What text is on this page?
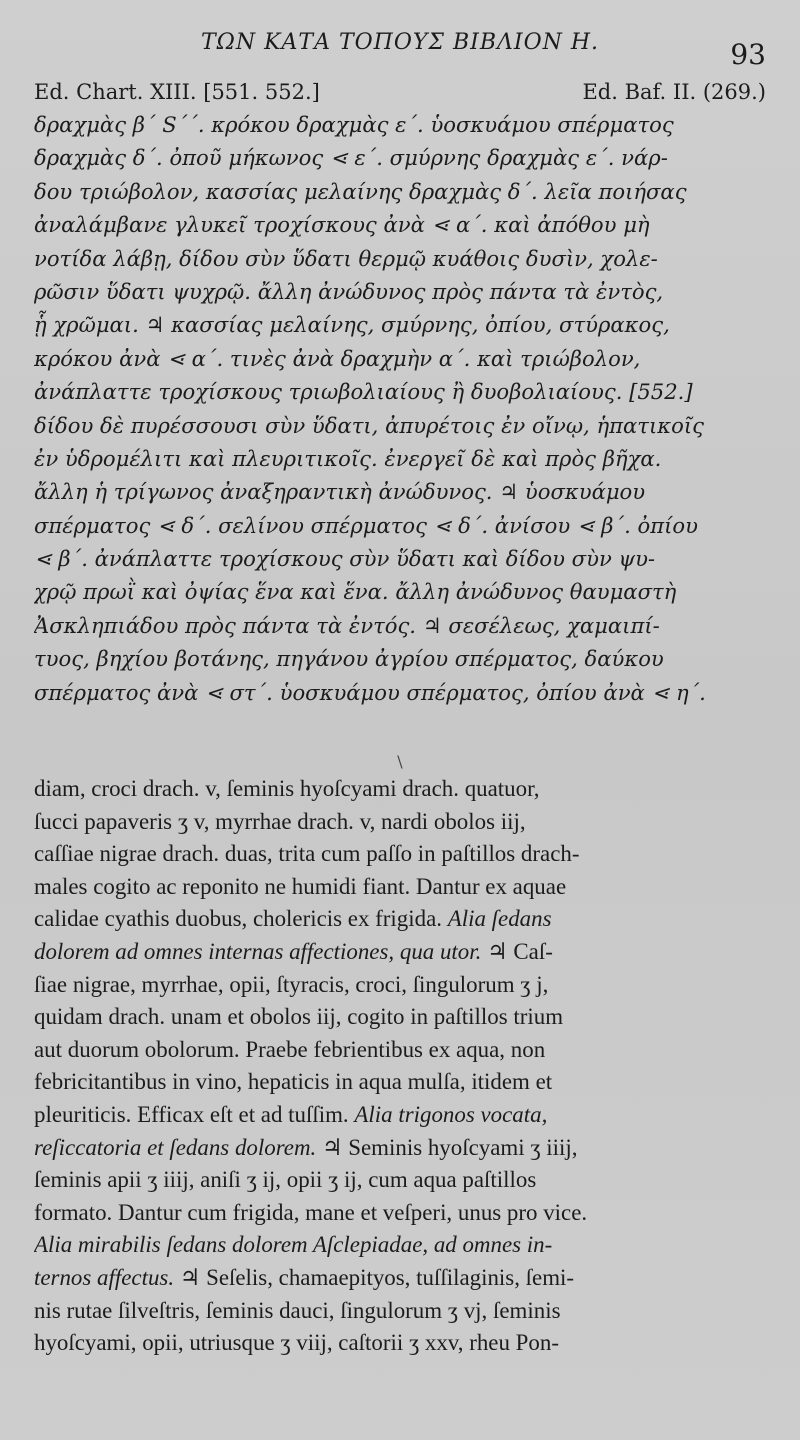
ΤΩΝ ΚΑΤΑ ΤΟΠΟΥΣ ΒΙΒΛΙΟΝ Η.	93
Ed. Chart. XIII. [551. 552.]	Ed. Baf. II. (269.)
δραχμὰς β΄ S΄΄. κρόκου δραχμὰς ε΄. ὑοσκυάμου σπέρματος
δραχμὰς δ΄. ὀποῦ μήκωνος ⋖ ε΄. σμύρνης δραχμὰς ε΄. νάρ-
δου τριώβολον, κασσίας μελαίνης δραχμὰς δ΄. λεῖα ποιήσας
ἀναλάμβανε γλυκεῖ τροχίσκους ἀνὰ ⋖ α΄. καὶ ἀπόθου μὴ
νοτίδα λάβῃ, δίδου σὺν ὕδατι θερμῷ κυάθοις δυσὶν, χολε-
ρῶσιν ὕδατι ψυχρῷ. ἄλλη ἀνώδυνος πρὸς πάντα τὰ ἐντὸς,
ᾗ χρῶμαι. ♃ κασσίας μελαίνης, σμύρνης, ὀπίου, στύρακος,
κρόκου ἀνὰ ⋖ α΄. τινὲς ἀνὰ δραχμὴν α΄. καὶ τριώβολον,
ἀνάπλαττε τροχίσκους τριωβολιαίους ἢ δυοβολιαίους. [552.]
δίδου δὲ πυρέσσουσι σὺν ὕδατι, ἀπυρέτοις ἐν οἴνῳ, ἡπατικοῖς
ἐν ὑδρομέλιτι καὶ πλευριτικοῖς. ἐνεργεῖ δὲ καὶ πρὸς βῆχα.
ἄλλη ἡ τρίγωνος ἀναξηραντικὴ ἀνώδυνος. ♃ ὑοσκυάμου
σπέρματος ⋖ δ΄. σελίνου σπέρματος ⋖ δ΄. ἀνίσου ⋖ β΄. ὀπίου
⋖ β΄. ἀνάπλαττε τροχίσκους σὺν ὕδατι καὶ δίδου σὺν ψυ-
χρῷ πρωῒ καὶ ὀψίας ἕνα καὶ ἕνα. ἄλλη ἀνώδυνος θαυμαστὴ
Ἀσκληπιάδου πρὸς πάντα τὰ ἐντός. ♃ σεσέλεως, χαμαιπί-
τυος, βηχίου βοτάνης, πηγάνου ἀγρίου σπέρματος, δαύκου
σπέρματος ἀνὰ ⋖ στ΄. ὑοσκυάμου σπέρματος, ὀπίου ἀνὰ ⋖ η΄.
\
diam, croci drach. v, ſeminis hyoſcyami drach. quatuor,
ſucci papaveris ʒ v, myrrhae drach. v, nardi obolos iij,
caſſiae nigrae drach. duas, trita cum paſſo in paſtillos drach-
males cogito ac reponito ne humidi fiant. Dantur ex aquae
calidae cyathis duobus, cholericis ex frigida. Alia ſedans
dolorem ad omnes internas affectiones, qua utor. ♃ Caſ-
ſiae nigrae, myrrhae, opii, ſtyracis, croci, ſingulorum ʒ j,
quidam drach. unam et obolos iij, cogito in paſtillos trium
aut duorum obolorum. Praebe febrientibus ex aqua, non
febricitantibus in vino, hepaticis in aqua mulſa, itidem et
pleuriticis. Efficax eſt et ad tuſſim. Alia trigonos vocata,
reſiccatoria et ſedans dolorem. ♃ Seminis hyoſcyami ʒ iiij,
ſeminis apii ʒ iiij, aniſi ʒ ij, opii ʒ ij, cum aqua paſtillos
formato. Dantur cum frigida, mane et veſperi, unus pro vice.
Alia mirabilis ſedans dolorem Aſclepiadae, ad omnes in-
ternos affectus. ♃ Seſelis, chamaepityos, tuſſilaginis, ſemi-
nis rutae ſilveſtris, ſeminis dauci, ſingulorum ʒ vj, ſeminis
hyoſcyami, opii, utriusque ʒ viij, caſtorii ʒ xxv, rheu Pon-
